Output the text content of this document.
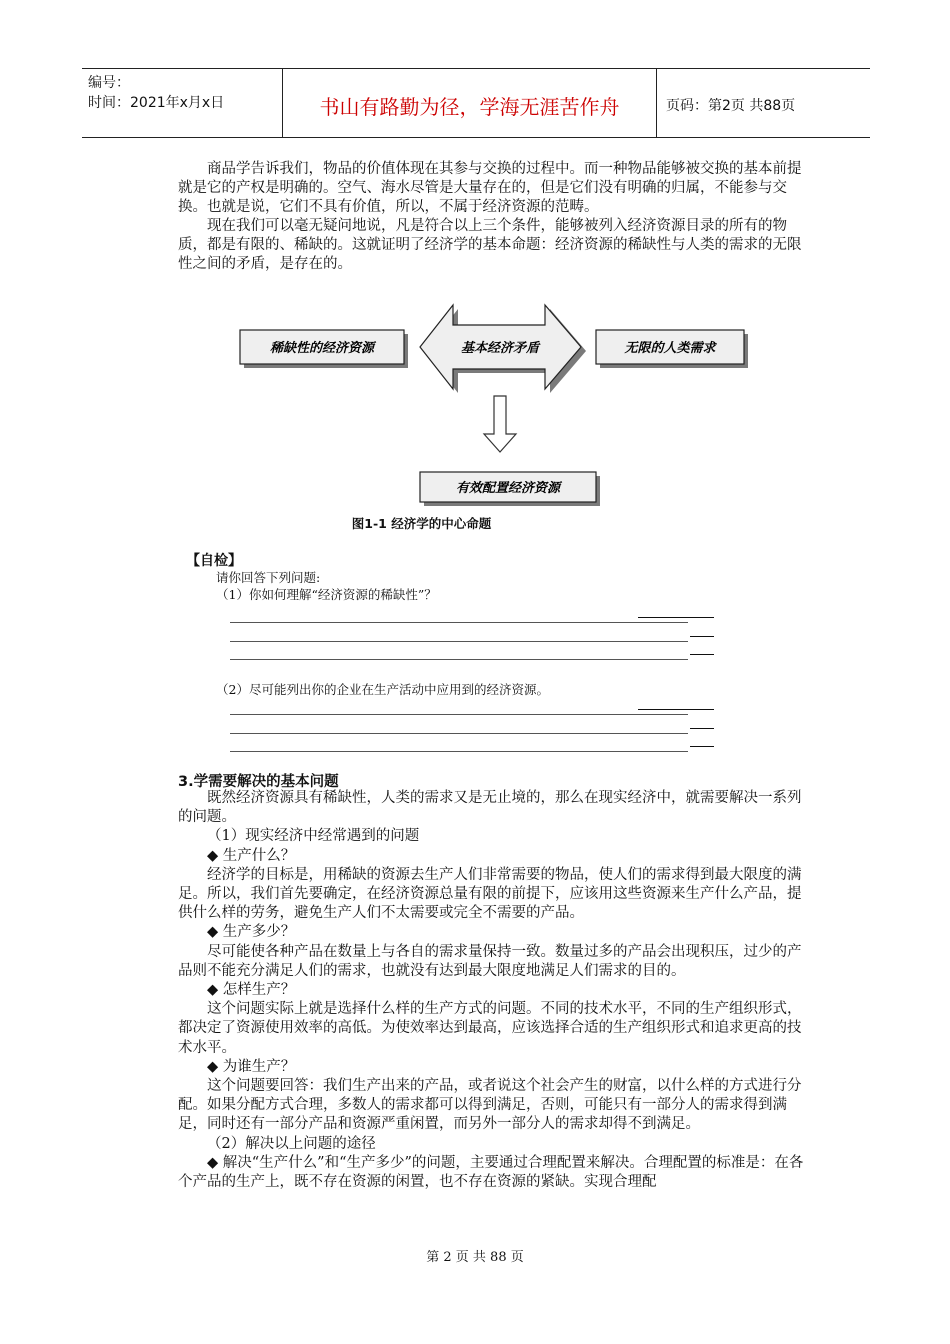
编号：
时间：2021年x月x日	书山有路勤为径，学海无涯苦作舟	页码：第2页 共88页

商品学告诉我们，物品的价值体现在其参与交换的过程中。而一种物品能够被交换的基本前提就是它的产权是明确的。空气、海水尽管是大量存在的，但是它们没有明确的归属，不能参与交换。也就是说，它们不具有价值，所以，不属于经济资源的范畴。

现在我们可以毫无疑问地说，凡是符合以上三个条件，能够被列入经济资源目录的所有的物质，都是有限的、稀缺的。这就证明了经济学的基本命题：经济资源的稀缺性与人类的需求的无限性之间的矛盾，是存在的。

稀缺性的经济资源	无限的人类需求
基本经济矛盾
有效配置经济资源
图1-1 经济学的中心命题
【自检】
请你回答下列问题:
（1）你如何理解“经济资源的稀缺性”？
（2）尽可能列出你的企业在生产活动中应用到的经济资源。
3.学需要解决的基本问题

既然经济资源具有稀缺性，人类的需求又是无止境的，那么在现实经济中，就需要解决一系列的问题。

（1）现实经济中经常遇到的问题

◆ 生产什么？

经济学的目标是，用稀缺的资源去生产人们非常需要的物品，使人们的需求得到最大限度的满足。所以，我们首先要确定，在经济资源总量有限的前提下，应该用这些资源来生产什么产品，提供什么样的劳务，避免生产人们不太需要或完全不需要的产品。

◆ 生产多少？

尽可能使各种产品在数量上与各自的需求量保持一致。数量过多的产品会出现积压，过少的产品则不能充分满足人们的需求，也就没有达到最大限度地满足人们需求的目的。

◆ 怎样生产？

这个问题实际上就是选择什么样的生产方式的问题。不同的技术水平，不同的生产组织形式，都决定了资源使用效率的高低。为使效率达到最高，应该选择合适的生产组织形式和追求更高的技术水平。

◆ 为谁生产？

这个问题要回答：我们生产出来的产品，或者说这个社会产生的财富，以什么样的方式进行分配。如果分配方式合理，多数人的需求都可以得到满足，否则，可能只有一部分人的需求得到满足，同时还有一部分产品和资源严重闲置，而另外一部分人的需求却得不到满足。

（2）解决以上问题的途径

◆ 解决“生产什么”和“生产多少”的问题，主要通过合理配置来解决。合理配置的标准是：在各个产品的生产上，既不存在资源的闲置，也不存在资源的紧缺。实现合理配

第 2 页 共 88 页
